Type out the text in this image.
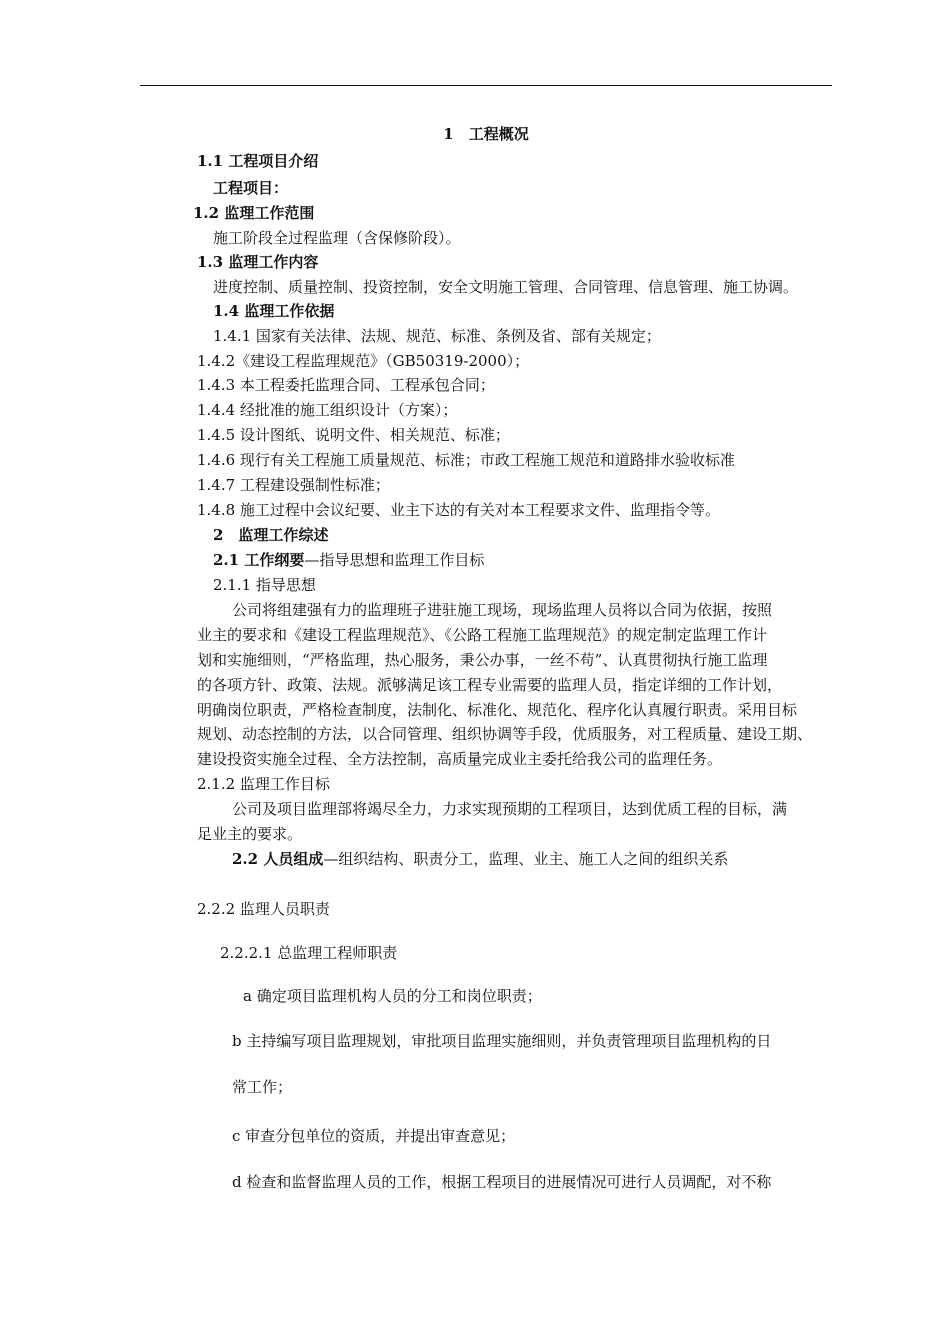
1　工程概况
1.1 工程项目介绍
工程项目：
1.2 监理工作范围
施工阶段全过程监理（含保修阶段）。
1.3 监理工作内容
进度控制、质量控制、投资控制，安全文明施工管理、合同管理、信息管理、施工协调。
1.4 监理工作依据
1.4.1 国家有关法律、法规、规范、标准、条例及省、部有关规定；
1.4.2《建设工程监理规范》（GB50319-2000）；
1.4.3 本工程委托监理合同、工程承包合同；
1.4.4 经批准的施工组织设计（方案）；
1.4.5 设计图纸、说明文件、相关规范、标准；
1.4.6 现行有关工程施工质量规范、标准；市政工程施工规范和道路排水验收标准
1.4.7 工程建设强制性标准；
1.4.8 施工过程中会议纪要、业主下达的有关对本工程要求文件、监理指令等。
2　监理工作综述
2.1 工作纲要—指导思想和监理工作目标
2.1.1 指导思想
公司将组建强有力的监理班子进驻施工现场，现场监理人员将以合同为依据，按照
业主的要求和《建设工程监理规范》、《公路工程施工监理规范》的规定制定监理工作计
划和实施细则，“严格监理，热心服务，秉公办事，一丝不苟”、认真贯彻执行施工监理
的各项方针、政策、法规。派够满足该工程专业需要的监理人员，指定详细的工作计划，
明确岗位职责，严格检查制度，法制化、标准化、规范化、程序化认真履行职责。采用目标
规划、动态控制的方法，以合同管理、组织协调等手段，优质服务，对工程质量、建设工期、
建设投资实施全过程、全方法控制，高质量完成业主委托给我公司的监理任务。
2.1.2 监理工作目标
公司及项目监理部将竭尽全力，力求实现预期的工程项目，达到优质工程的目标，满
足业主的要求。
2.2 人员组成—组织结构、职责分工，监理、业主、施工人之间的组织关系
2.2.2 监理人员职责
2.2.2.1 总监理工程师职责
a 确定项目监理机构人员的分工和岗位职责；
b 主持编写项目监理规划，审批项目监理实施细则，并负责管理项目监理机构的日
常工作；
c 审查分包单位的资质，并提出审查意见；
d 检查和监督监理人员的工作，根据工程项目的进展情况可进行人员调配，对不称
